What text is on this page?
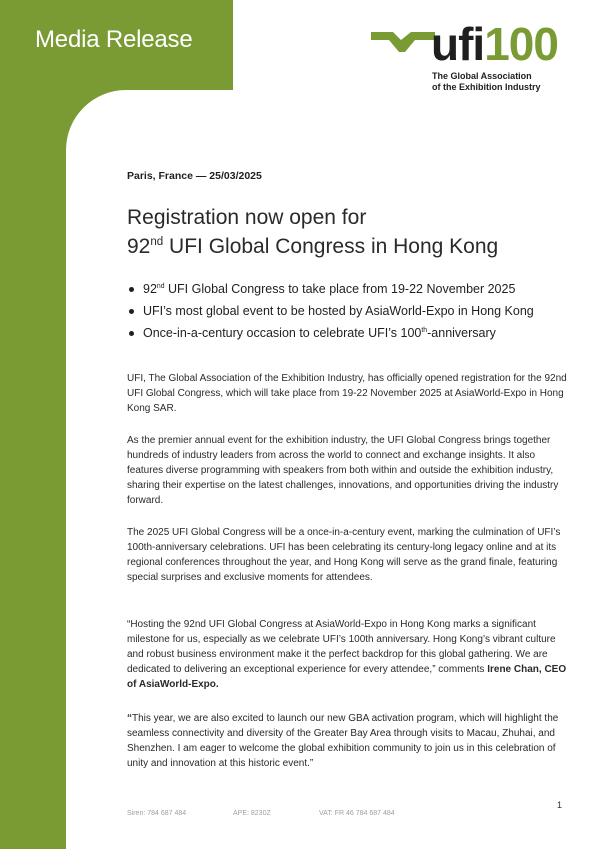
Media Release	ufi100
The Global Association
of the Exhibition Industry
Paris, France — 25/03/2025
Registration now open for
92nd UFI Global Congress in Hong Kong
92nd UFI Global Congress to take place from 19-22 November 2025
UFI’s most global event to be hosted by AsiaWorld-Expo in Hong Kong
Once-in-a-century occasion to celebrate UFI’s 100th-anniversary

UFI, The Global Association of the Exhibition Industry, has officially opened registration for the 92nd UFI Global Congress, which will take place from 19-22 November 2025 at AsiaWorld-Expo in Hong Kong SAR.

As the premier annual event for the exhibition industry, the UFI Global Congress brings together hundreds of industry leaders from across the world to connect and exchange insights. It also features diverse programming with speakers from both within and outside the exhibition industry, sharing their expertise on the latest challenges, innovations, and opportunities driving the industry forward.

The 2025 UFI Global Congress will be a once-in-a-century event, marking the culmination of UFI’s 100th-anniversary celebrations. UFI has been celebrating its century-long legacy online and at its regional conferences throughout the year, and Hong Kong will serve as the grand finale, featuring special surprises and exclusive moments for attendees.

“Hosting the 92nd UFI Global Congress at AsiaWorld-Expo in Hong Kong marks a significant milestone for us, especially as we celebrate UFI’s 100th anniversary. Hong Kong’s vibrant culture and robust business environment make it the perfect backdrop for this global gathering. We are dedicated to delivering an exceptional experience for every attendee,” comments Irene Chan, CEO of AsiaWorld-Expo.

“This year, we are also excited to launch our new GBA activation program, which will highlight the seamless connectivity and diversity of the Greater Bay Area through visits to Macau, Zhuhai, and Shenzhen. I am eager to welcome the global exhibition community to join us in this celebration of unity and innovation at this historic event.”

Siren: 784 687 484	APE: 8230Z	VAT: FR 46 784 687 484
1
